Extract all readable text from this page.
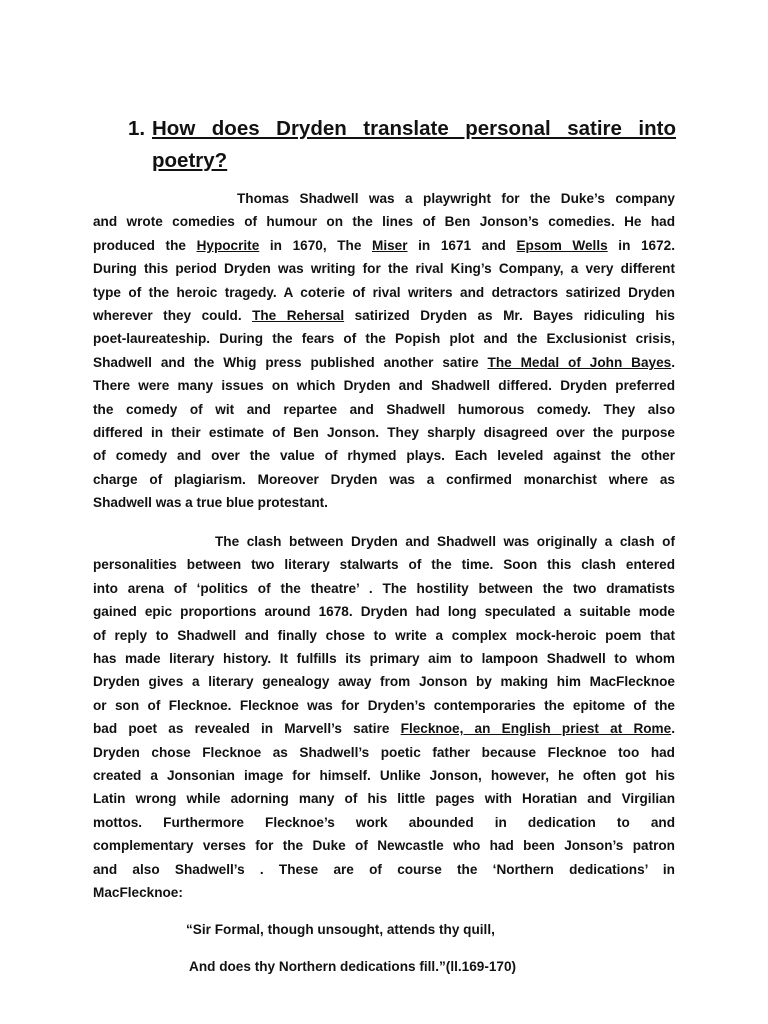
1. How does Dryden translate personal satire into poetry?

Thomas Shadwell was a playwright for the Duke’s company
and wrote comedies of humour on the lines of Ben Jonson’s comedies. He had
produced the Hypocrite in 1670, The Miser in 1671 and Epsom Wells in 1672.
During this period Dryden was writing for the rival King’s Company, a very different
type of the heroic tragedy. A coterie of rival writers and detractors satirized Dryden
wherever they could. The Rehersal satirized Dryden as Mr. Bayes ridiculing his
poet-laureateship. During the fears of the Popish plot and the Exclusionist crisis,
Shadwell and the Whig press published another satire The Medal of John Bayes.
There were many issues on which Dryden and Shadwell differed. Dryden preferred
the comedy of wit and repartee and Shadwell humorous comedy. They also
differed in their estimate of Ben Jonson. They sharply disagreed over the purpose
of comedy and over the value of rhymed plays. Each leveled against the other
charge of plagiarism. Moreover Dryden was a confirmed monarchist where as
Shadwell was a true blue protestant.

The clash between Dryden and Shadwell was originally a clash of
personalities between two literary stalwarts of the time. Soon this clash entered
into arena of ‘politics of the theatre’ . The hostility between the two dramatists
gained epic proportions around 1678. Dryden had long speculated a suitable mode
of reply to Shadwell and finally chose to write a complex mock-heroic poem that
has made literary history. It fulfills its primary aim to lampoon Shadwell to whom
Dryden gives a literary genealogy away from Jonson by making him MacFlecknoe
or son of Flecknoe. Flecknoe was for Dryden’s contemporaries the epitome of the
bad poet as revealed in Marvell’s satire Flecknoe, an English priest at Rome.
Dryden chose Flecknoe as Shadwell’s poetic father because Flecknoe too had
created a Jonsonian image for himself. Unlike Jonson, however, he often got his
Latin wrong while adorning many of his little pages with Horatian and Virgilian
mottos. Furthermore Flecknoe’s work abounded in dedication to and
complementary verses for the Duke of Newcastle who had been Jonson’s patron
and also Shadwell’s . These are of course the ‘Northern dedications’ in
MacFlecknoe:

“Sir Formal, though unsought, attends thy quill,

And does thy Northern dedications fill.”(ll.169-170)
